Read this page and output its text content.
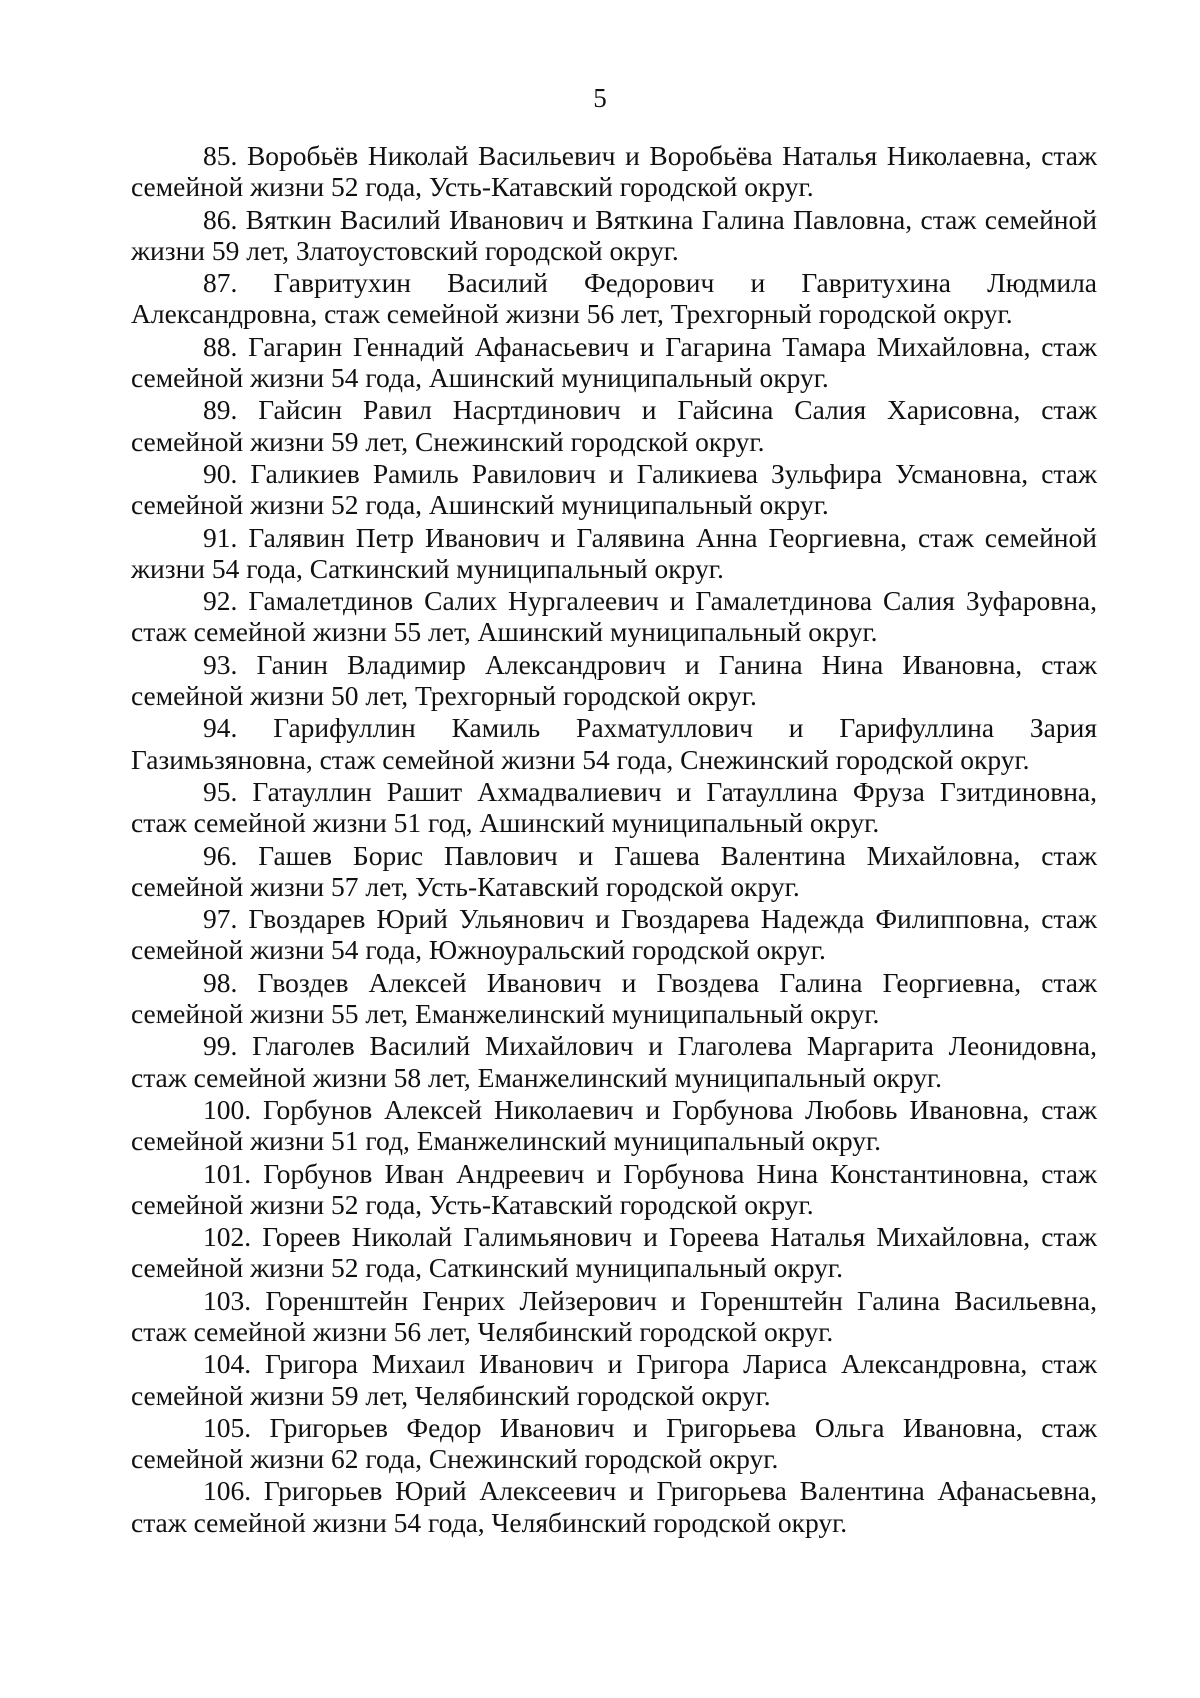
5

85. Воробьёв Николай Васильевич и Воробьёва Наталья Николаевна, стаж семейной жизни 52 года, Усть-Катавский городской округ.

86. Вяткин Василий Иванович и Вяткина Галина Павловна, стаж семейной жизни 59 лет, Златоустовский городской округ.

87. Гавритухин Василий Федорович и Гавритухина Людмила Александровна, стаж семейной жизни 56 лет, Трехгорный городской округ.

88. Гагарин Геннадий Афанасьевич и Гагарина Тамара Михайловна, стаж семейной жизни 54 года, Ашинский муниципальный округ.

89. Гайсин Равил Насртдинович и Гайсина Салия Харисовна, стаж семейной жизни 59 лет, Снежинский городской округ.

90. Галикиев Рамиль Равилович и Галикиева Зульфира Усмановна, стаж семейной жизни 52 года, Ашинский муниципальный округ.

91. Галявин Петр Иванович и Галявина Анна Георгиевна, стаж семейной жизни 54 года, Саткинский муниципальный округ.

92. Гамалетдинов Салих Нургалеевич и Гамалетдинова Салия Зуфаровна, стаж семейной жизни 55 лет, Ашинский муниципальный округ.

93. Ганин Владимир Александрович и Ганина Нина Ивановна, стаж семейной жизни 50 лет, Трехгорный городской округ.

94. Гарифуллин Камиль Рахматуллович и Гарифуллина Зария Газимьзяновна, стаж семейной жизни 54 года, Снежинский городской округ.

95. Гатауллин Рашит Ахмадвалиевич и Гатауллина Фруза Гзитдиновна, стаж семейной жизни 51 год, Ашинский муниципальный округ.

96. Гашев Борис Павлович и Гашева Валентина Михайловна, стаж семейной жизни 57 лет, Усть-Катавский городской округ.

97. Гвоздарев Юрий Ульянович и Гвоздарева Надежда Филипповна, стаж семейной жизни 54 года, Южноуральский городской округ.

98. Гвоздев Алексей Иванович и Гвоздева Галина Георгиевна, стаж семейной жизни 55 лет, Еманжелинский муниципальный округ.

99. Глаголев Василий Михайлович и Глаголева Маргарита Леонидовна, стаж семейной жизни 58 лет, Еманжелинский муниципальный округ.

100. Горбунов Алексей Николаевич и Горбунова Любовь Ивановна, стаж семейной жизни 51 год, Еманжелинский муниципальный округ.

101. Горбунов Иван Андреевич и Горбунова Нина Константиновна, стаж семейной жизни 52 года, Усть-Катавский городской округ.

102. Гореев Николай Галимьянович и Гореева Наталья Михайловна, стаж семейной жизни 52 года, Саткинский муниципальный округ.

103. Горенштейн Генрих Лейзерович и Горенштейн Галина Васильевна, стаж семейной жизни 56 лет, Челябинский городской округ.

104. Григора Михаил Иванович и Григора Лариса Александровна, стаж семейной жизни 59 лет, Челябинский городской округ.

105. Григорьев Федор Иванович и Григорьева Ольга Ивановна, стаж семейной жизни 62 года, Снежинский городской округ.

106. Григорьев Юрий Алексеевич и Григорьева Валентина Афанасьевна, стаж семейной жизни 54 года, Челябинский городской округ.
